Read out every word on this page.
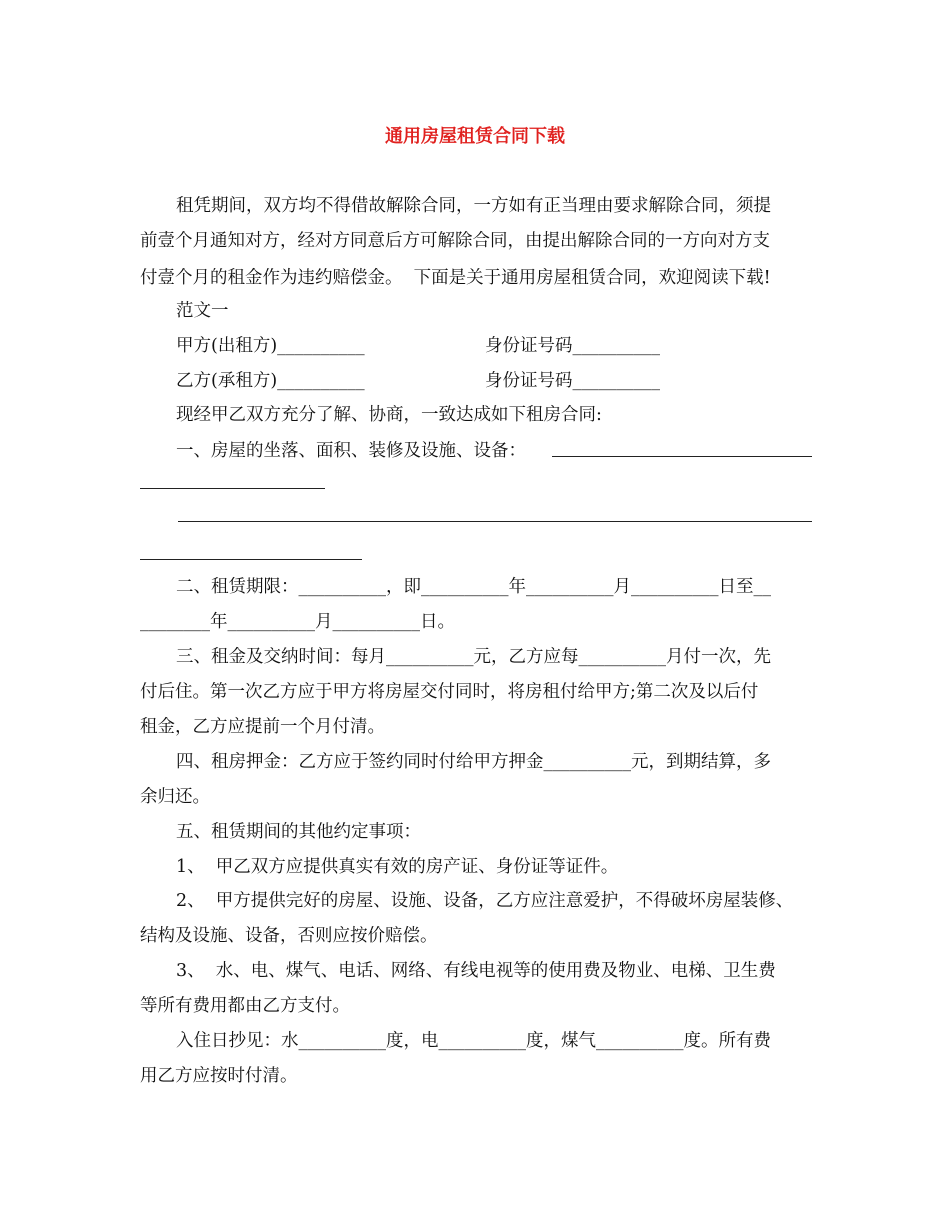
通用房屋租赁合同下载
租凭期间，双方均不得借故解除合同，一方如有正当理由要求解除合同，须提
前壹个月通知对方，经对方同意后方可解除合同，由提出解除合同的一方向对方支
付壹个月的租金作为违约赔偿金。  下面是关于通用房屋租赁合同，欢迎阅读下载!
范文一
甲方(出租方)__________	身份证号码__________
乙方(承租方)__________	身份证号码__________
现经甲乙双方充分了解、协商，一致达成如下租房合同:
一、房屋的坐落、面积、装修及设施、设备：
二、租赁期限：__________，即__________年__________月__________日至__
________年__________月__________日。
三、租金及交纳时间：每月__________元，乙方应每__________月付一次，先
付后住。第一次乙方应于甲方将房屋交付同时，将房租付给甲方;第二次及以后付
租金，乙方应提前一个月付清。
四、租房押金：乙方应于签约同时付给甲方押金__________元，到期结算，多
余归还。
五、租赁期间的其他约定事项：
1、  甲乙双方应提供真实有效的房产证、身份证等证件。
2、  甲方提供完好的房屋、设施、设备，乙方应注意爱护，不得破坏房屋装修、
结构及设施、设备，否则应按价赔偿。
3、  水、电、煤气、电话、网络、有线电视等的使用费及物业、电梯、卫生费
等所有费用都由乙方支付。
入住日抄见：水__________度，电__________度，煤气__________度。所有费
用乙方应按时付清。
